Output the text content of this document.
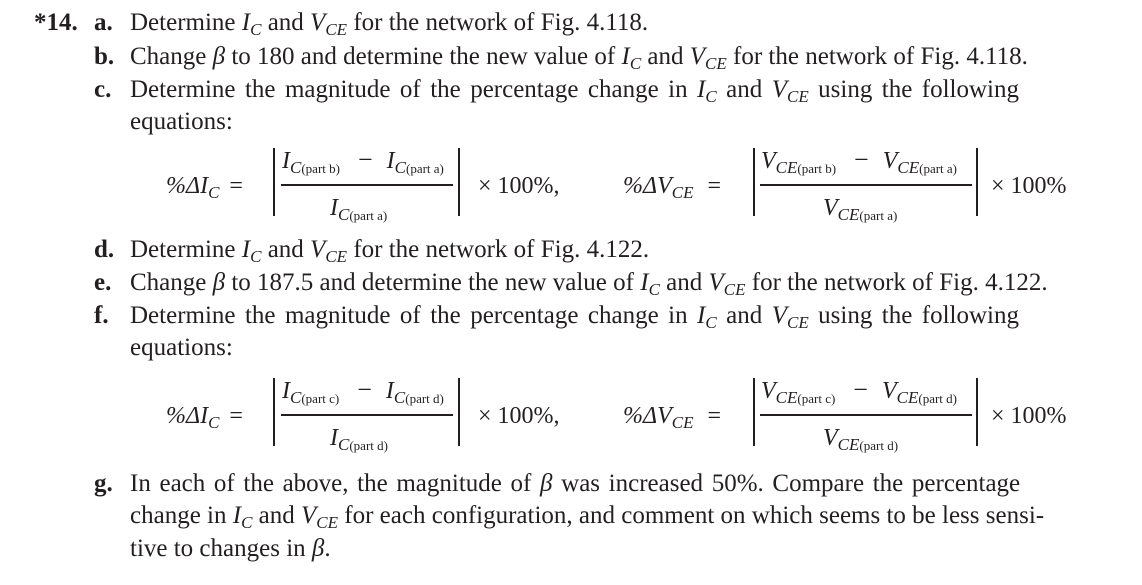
*14. a. Determine $I_C$ and $V_{CE}$ for the network of Fig. 4.118.
b. Change β to 180 and determine the new value of $I_C$ and $V_{CE}$ for the network of Fig. 4.118.
c. Determine the magnitude of the percentage change in $I_C$ and $V_{CE}$ using the following
equations:
$\%\Delta I_C$ =
$I_{C(part b)} - I_{C(part a)}$
$I_{C(part a)}$
× 100%,	$\%\Delta V_{CE}$ =
$V_{CE(part b)} - V_{CE(part a)}$
$V_{CE(part a)}$
× 100%
d. Determine $I_C$ and $V_{CE}$ for the network of Fig. 4.122.
e. Change β to 187.5 and determine the new value of $I_C$ and $V_{CE}$ for the network of Fig. 4.122.
f. Determine the magnitude of the percentage change in $I_C$ and $V_{CE}$ using the following
equations:
$\%\Delta I_C$ =
$I_{C(part c)} - I_{C(part d)}$
$I_{C(part d)}$
× 100%,	$\%\Delta V_{CE}$ =
$V_{CE(part c)} - V_{CE(part d)}$
$V_{CE(part d)}$
× 100%
g. In each of the above, the magnitude of β was increased 50%. Compare the percentage
change in $I_C$ and $V_{CE}$ for each configuration, and comment on which seems to be less sensi-
tive to changes in β.
